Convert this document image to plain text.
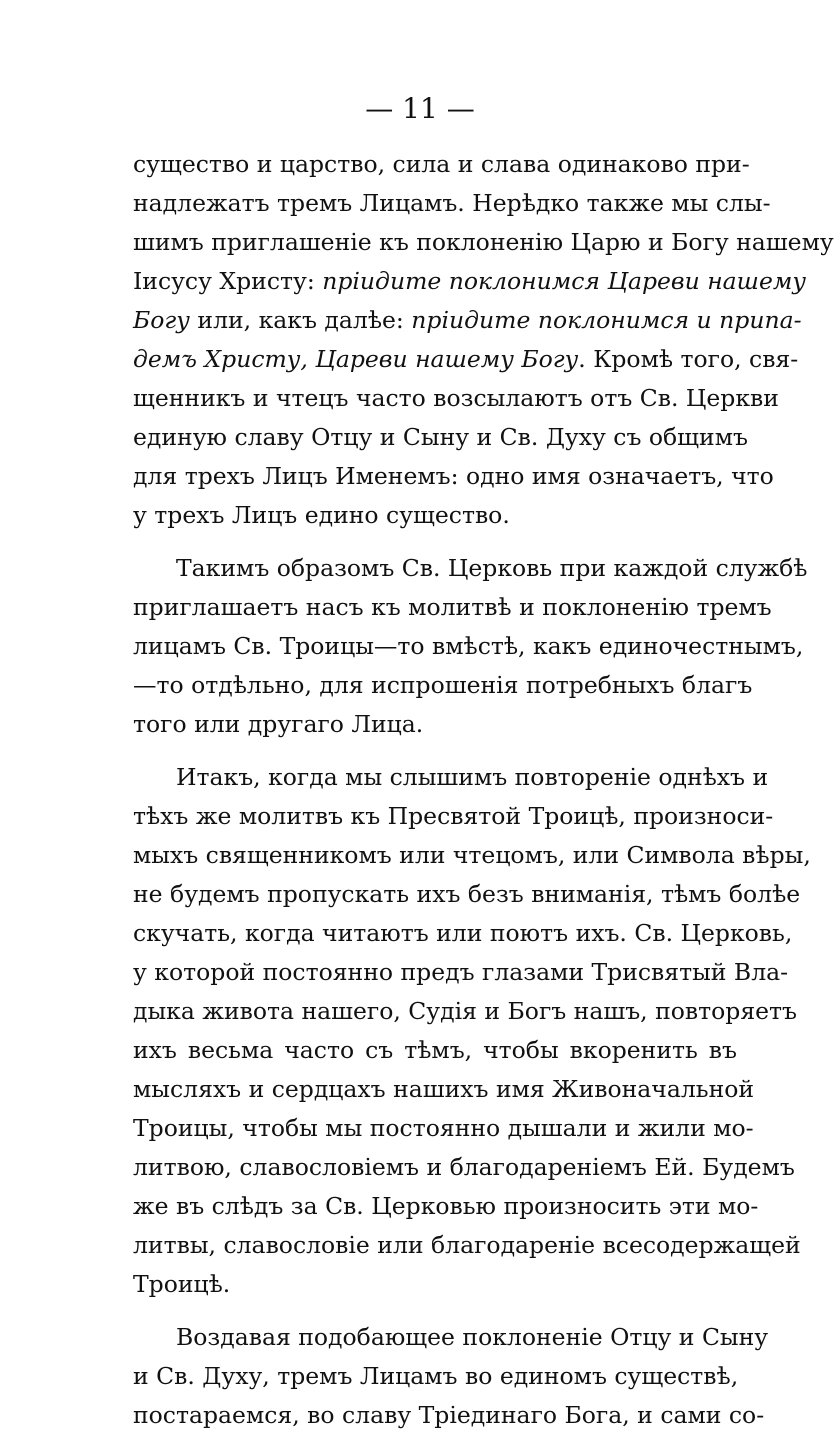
— 11 —
существо и царство, сила и слава одинаково при-
надлежатъ тремъ Лицамъ. Нерѣдко также мы слы-
шимъ приглашенiе къ поклоненiю Царю и Богу нашему
Iисусу Христу: прiидите поклонимся Цареви нашему
Богу или, какъ далѣе: прiидите поклонимся и припа-
демъ Христу, Цареви нашему Богу. Кромѣ того, свя-
щенникъ и чтецъ часто возсылаютъ отъ Св. Церкви
единую славу Отцу и Сыну и Св. Духу съ общимъ
для трехъ Лицъ Именемъ: одно имя означаетъ, что
у трехъ Лицъ едино существо.
Такимъ образомъ Св. Церковь при каждой службѣ
приглашаетъ насъ къ молитвѣ и поклоненiю тремъ
лицамъ Св. Троицы—то вмѣстѣ, какъ единочестнымъ,
—то отдѣльно, для испрошенiя потребныхъ благъ
того или другаго Лица.
Итакъ, когда мы слышимъ повторенiе однѣхъ и
тѣхъ же молитвъ къ Пресвятой Троицѣ, произноси-
мыхъ священникомъ или чтецомъ, или Символа вѣры,
не будемъ пропускать ихъ безъ вниманiя, тѣмъ болѣе
скучать, когда читаютъ или поютъ ихъ. Св. Церковь,
у которой постоянно предъ глазами Трисвятый Вла-
дыка живота нашего, Судiя и Богъ нашъ, повторяетъ
ихъ весьма часто съ тѣмъ, чтобы вкоренить въ
мысляхъ и сердцахъ нашихъ имя Живоначальной
Троицы, чтобы мы постоянно дышали и жили мо-
литвою, славословiемъ и благодаренiемъ Ей. Будемъ
же въ слѣдъ за Св. Церковью произносить эти мо-
литвы, славословiе или благодаренiе всесодержащей
Троицѣ.
Воздавая подобающее поклоненiе Отцу и Сыну
и Св. Духу, тремъ Лицамъ во единомъ существѣ,
постараемся, во славу Трiединаго Бога, и сами со-
